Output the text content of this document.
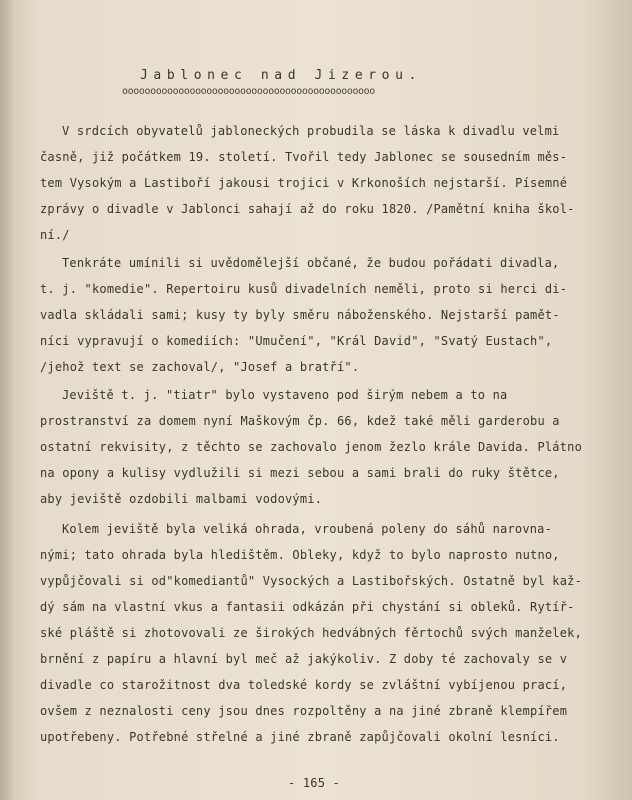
Jablonec nad Jizerou.
ooooooooooooooooooooooooooooooooooooooooooooo
V srdcích obyvatelů jabloneckých probudila se láska k divadlu velmi
časně, již počátkem 19. století. Tvořil tedy Jablonec se sousedním měs-
tem Vysokým a Lastiboří jakousi trojici v Krkonoších nejstarší. Písemné
zprávy o divadle v Jablonci sahají až do roku 1820. /Pamětní kniha škol-
ní./
Tenkráte umínili si uvědomělejší občané, že budou pořádati divadla,
t. j. "komedie". Repertoiru kusů divadelních neměli, proto si herci di-
vadla skládali sami; kusy ty byly směru náboženského. Nejstarší pamět-
níci vypravují o komediích: "Umučení", "Král David", "Svatý Eustach",
/jehož text se zachoval/, "Josef a bratří".
Jeviště t. j. "tiatr" bylo vystaveno pod širým nebem a to na
prostranství za domem nyní Maškovým čp. 66, kdež také měli garderobu a
ostatní rekvisity, z těchto se zachovalo jenom žezlo krále Davida. Plátno
na opony a kulisy vydlužili si mezi sebou a sami brali do ruky štětce,
aby jeviště ozdobili malbami vodovými.
Kolem jeviště byla veliká ohrada, vroubená poleny do sáhů narovna-
nými; tato ohrada byla hledištěm. Obleky, když to bylo naprosto nutno,
vypůjčovali si od"komediantů" Vysockých a Lastibořských. Ostatně byl kaž-
dý sám na vlastní vkus a fantasii odkázán při chystání si obleků. Rytíř-
ské pláště si zhotovovali ze širokých hedvábných fěrtochů svých manželek,
brnění z papíru a hlavní byl meč až jakýkoliv. Z doby té zachovaly se v
divadle co starožitnost dva toledské kordy se zvláštní vybíjenou prací,
ovšem z neznalosti ceny jsou dnes rozpoltěny a na jiné zbraně klempířem
upotřebeny. Potřebné střelné a jiné zbraně zapůjčovali okolní lesníci.
- 165 -
